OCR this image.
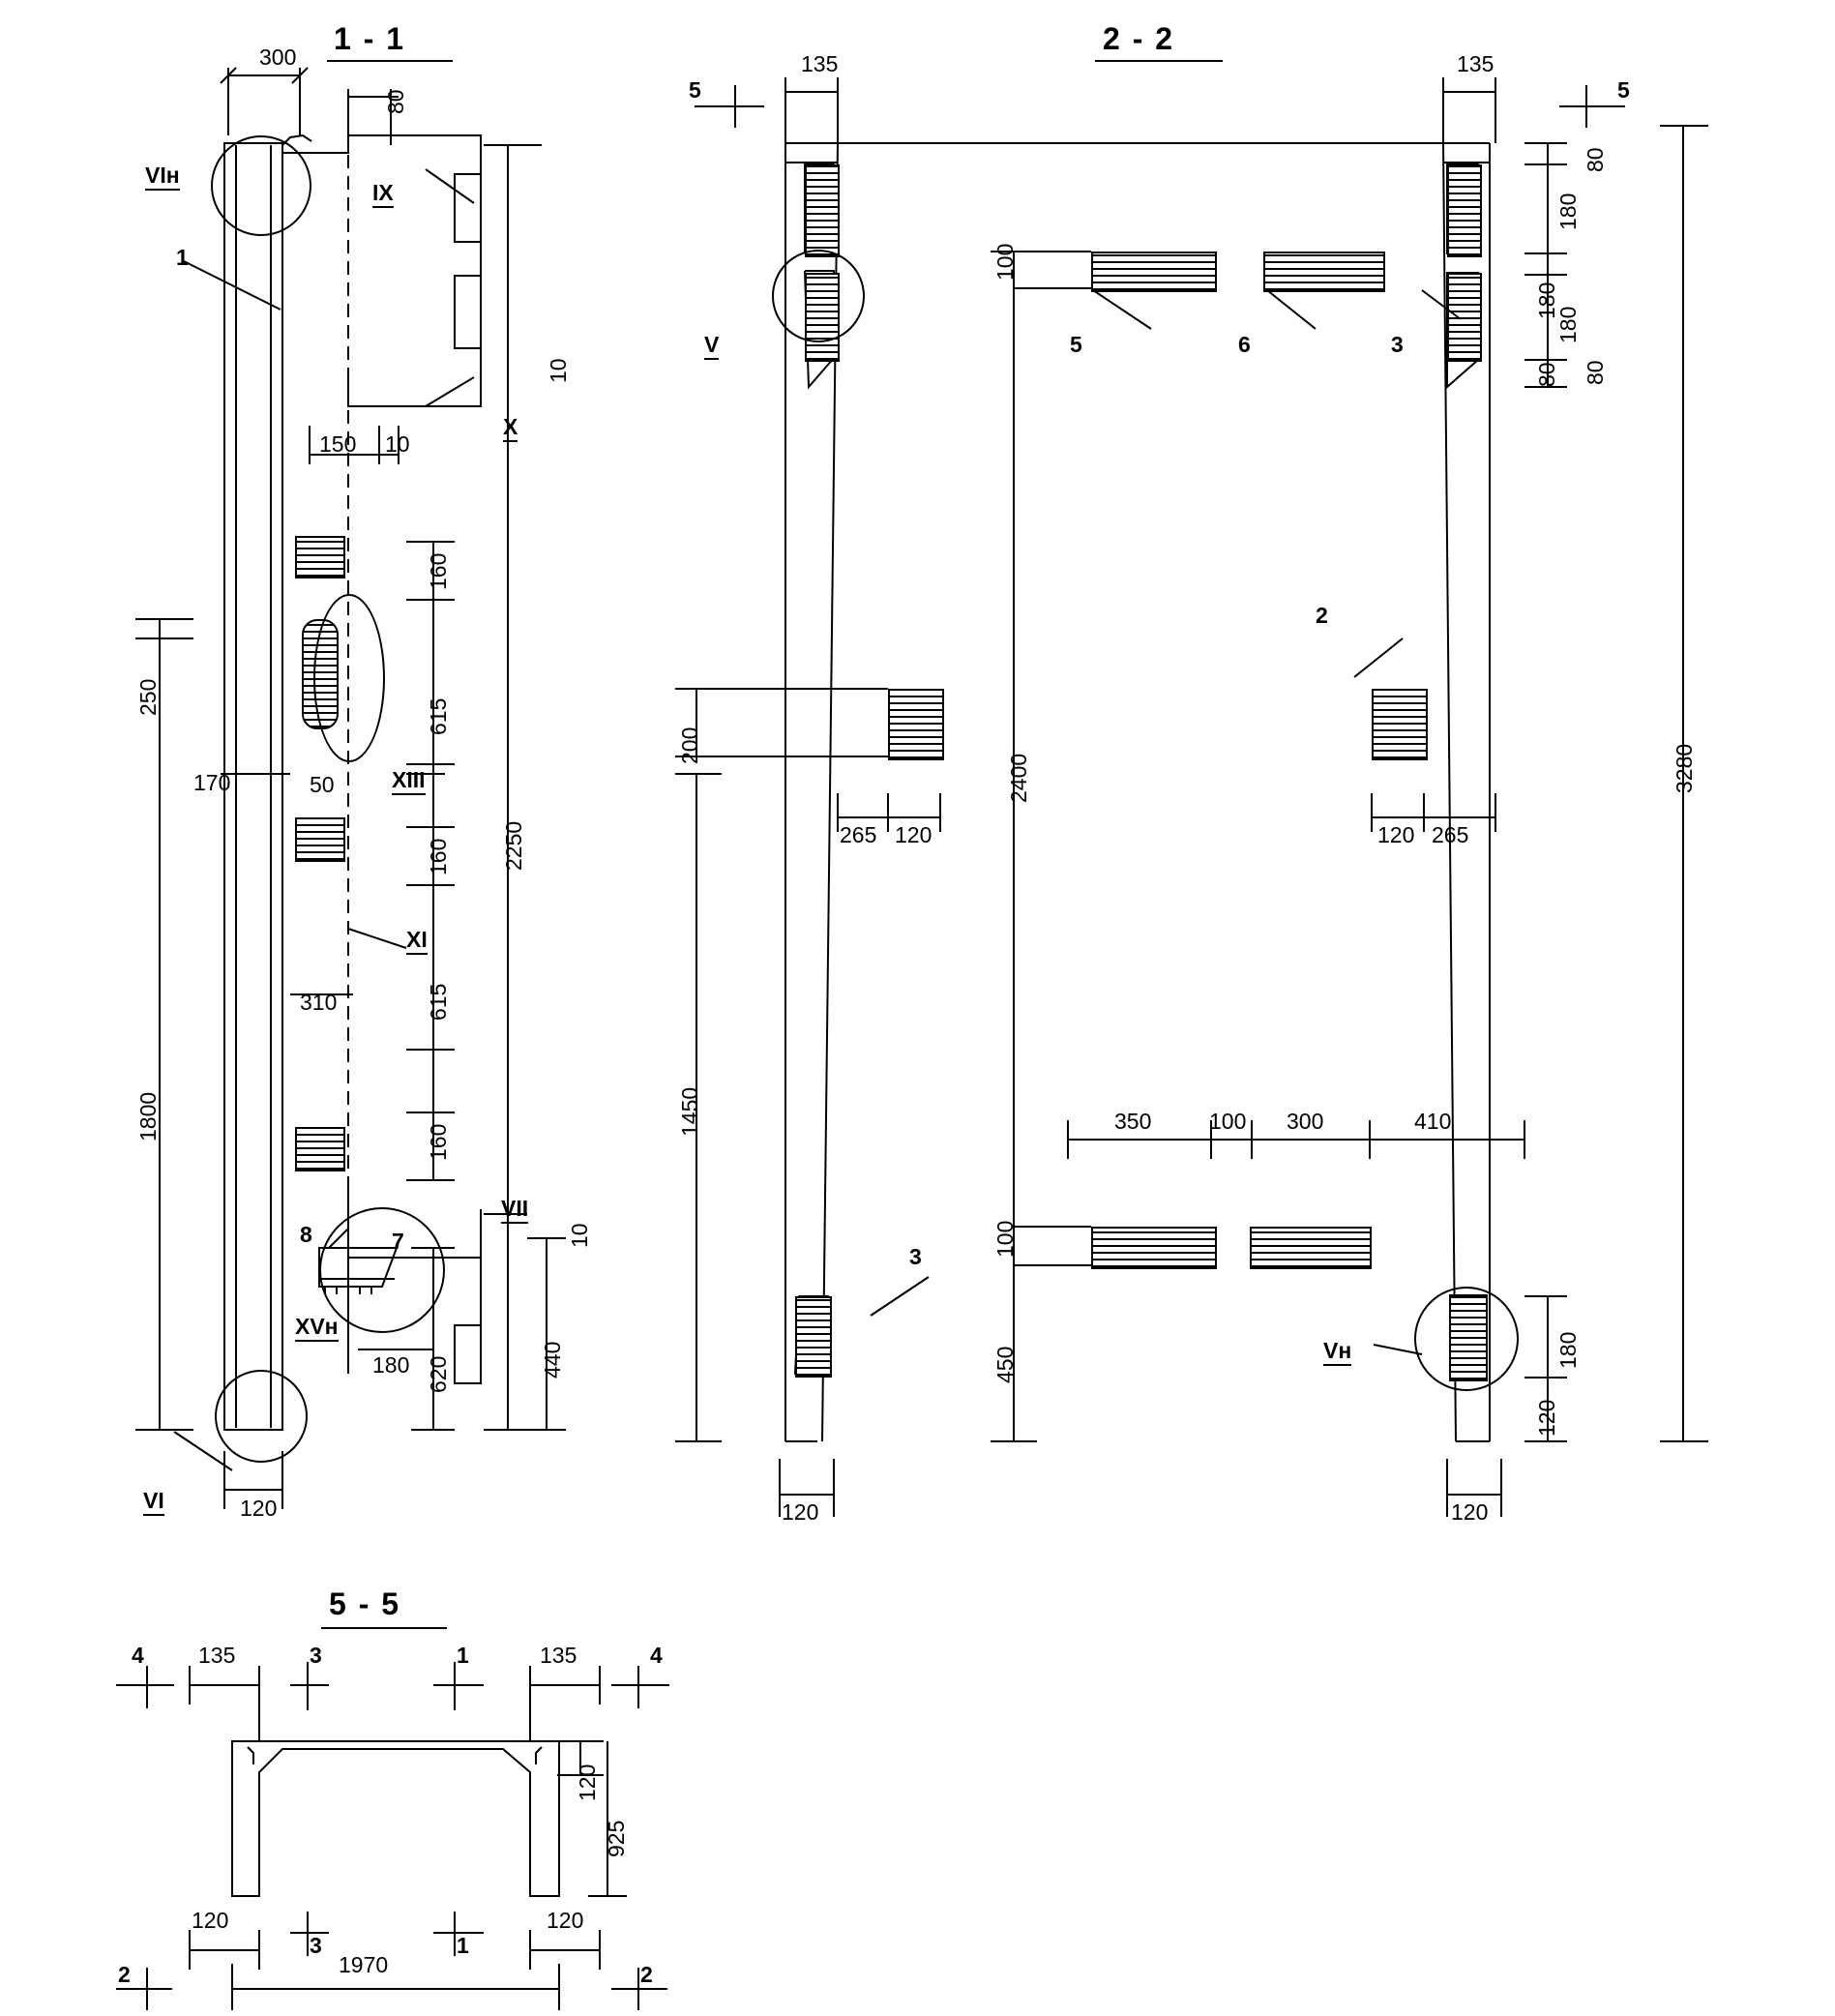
1 - 1
300
80
10
150 10
250
170	50
310
1800
2250
160
615
160
615
160
180 620	440
10
120
1
7
8
VI
VIн
IX
X
XIII
XI
VII
XVн
2 - 2
135	135
5	5
80
180
180
80
180
80
100
200
265 120	120 265
2400
1450
100
450
350	100 300	410
3280
120
180
120
120
5	6	3
2
3
V
Vн
5 - 5
135	135
120
925
120	120
1970
4	4
3
3
1
1
2	2
